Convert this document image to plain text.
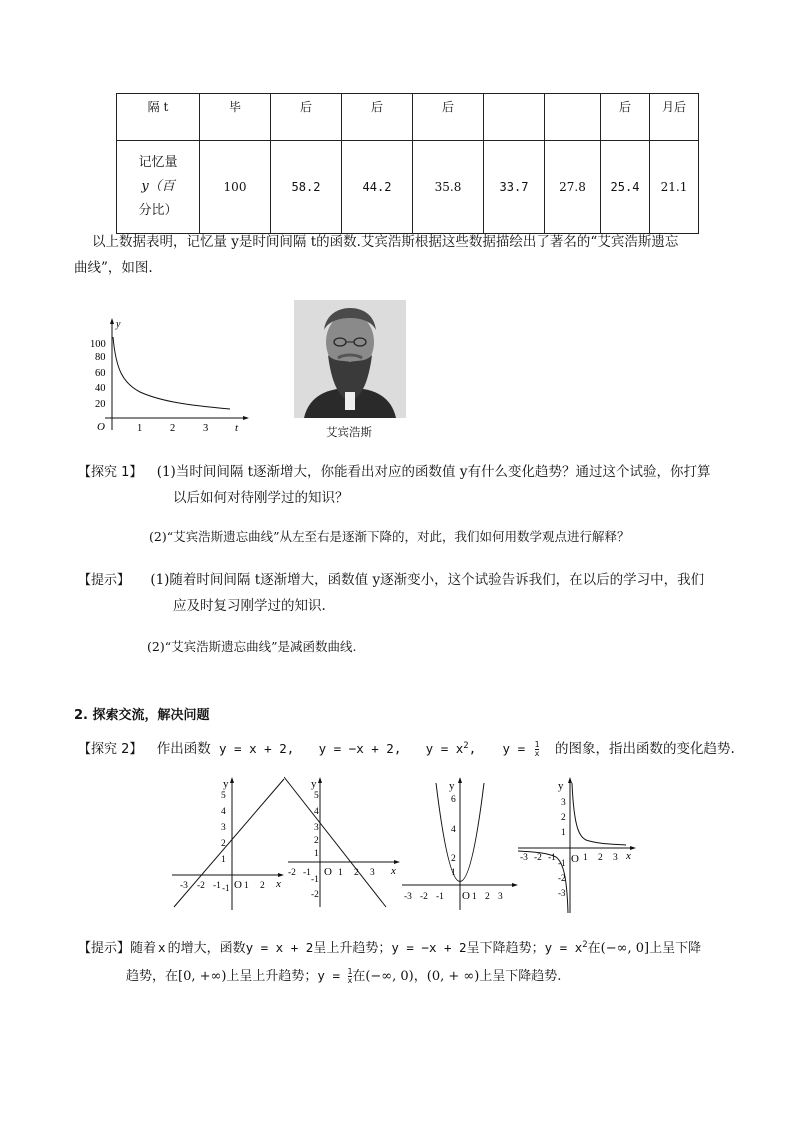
隔 t	毕	后	后	后			后	月后

记忆量
y（百
分比）	100	58.2	44.2	35.8	33.7	27.8	25.4	21.1
以上数据表明，记忆量 y是时间间隔 t的函数.艾宾浩斯根据这些数据描绘出了著名的“艾宾浩斯遗忘
曲线”，如图.
y
t
O
100
80
60
40
20
1	2	3	艾宾浩斯
【探究 1】 (1)当时间间隔 t逐渐增大，你能看出对应的函数值 y有什么变化趋势？通过这个试验，你打算
以后如何对待刚学过的知识？
(2)“艾宾浩斯遗忘曲线”从左至右是逐渐下降的，对此，我们如何用数学观点进行解释？
【提示】 (1)随着时间间隔 t逐渐增大，函数值 y逐渐变小，这个试验告诉我们，在以后的学习中，我们
应及时复习刚学过的知识.
(2)“艾宾浩斯遗忘曲线”是减函数曲线.
2. 探索交流，解决问题
【探究 2】 作出函数 y = x + 2, y = −x + 2, $y = x^2$, $y = \frac{1}{x}$ 的图象，指出函数的变化趋势.
y
x
O
5
4
3
2
1
-1
-3 -2 -1 1 2
y
x
O
5
4
3
2
1
-1
-2
-2 -1	1 2 3
y
O
6
4
2
1
-3 -2 -1	1 2 3
y
x
O
3
2
1
-1
-2
-3
-3 -2 -1	1 2 3
【提示】随着 x 的增大，函数y = x + 2呈上升趋势；y = −x + 2呈下降趋势；$y = x^2$在(−∞, 0]上呈下降
趋势，在[0, +∞)上呈上升趋势；$y = \frac{1}{x}$ 在(−∞, 0)，(0, + ∞)上呈下降趋势.
